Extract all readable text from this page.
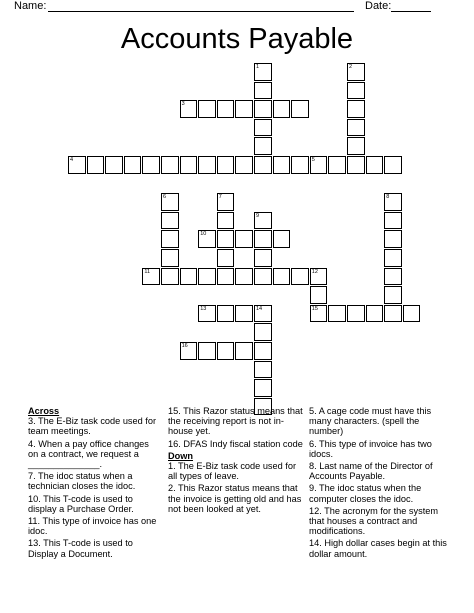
Name:	Date:
Accounts Payable
1	2
3
4	5
6	7	8
9
10
11	12
15
13	14
16
Across
3. The E-Biz task code used for team meetings.
4. When a pay office changes on a contract, we request a ______________.
7. The idoc status when a technician closes the idoc.
10. This T-code is used to display a Purchase Order.
11. This type of invoice has one idoc.
13. This T-code is used to Display a Document.
15. This Razor status means that the receiving report is not in-house yet.
16. DFAS Indy fiscal station code
Down
1. The E-Biz task code used for all types of leave.
2. This Razor status means that the invoice is getting old and has not been looked at yet.
5. A cage code must have this many characters. (spell the number)
6. This type of invoice has two idocs.
8. Last name of the Director of Accounts Payable.
9. The idoc status when the computer closes the idoc.
12. The acronym for the system that houses a contract and modifications.
14. High dollar cases begin at this dollar amount.
